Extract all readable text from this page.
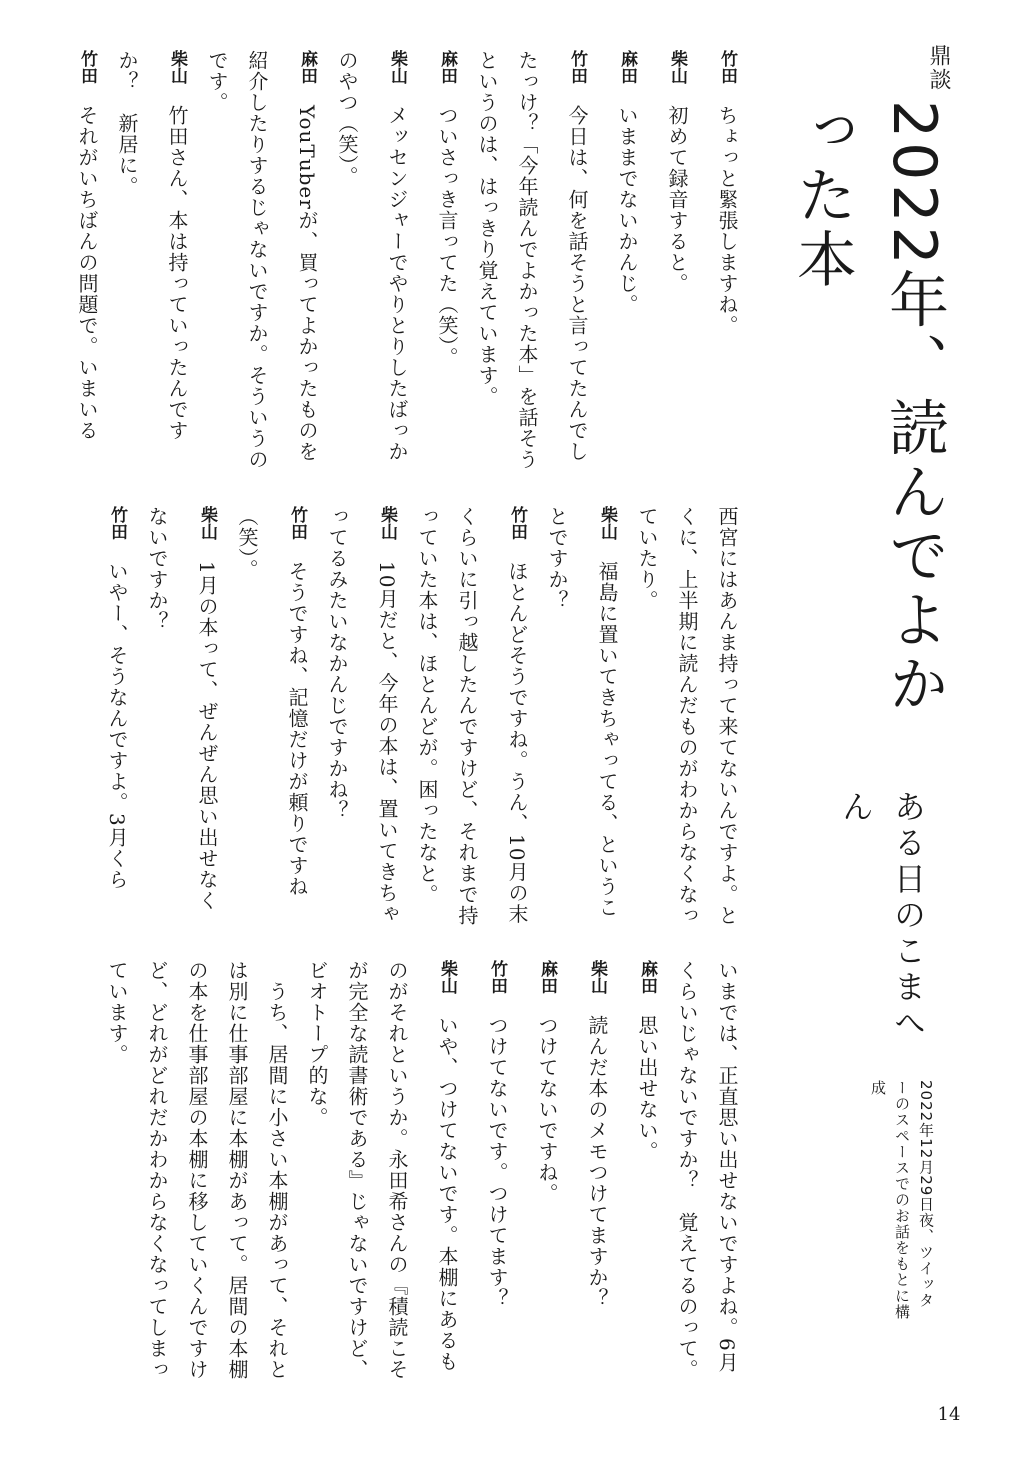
鼎談
2022年、読んでよかった本
ある日のこまへん
2022年12月29日夜、ツイッターのスペースでのお話をもとに構成
14

竹田　ちょっと緊張しますね。

柴山　初めて録音すると。

麻田　いままでないかんじ。

竹田　今日は、何を話そうと言ってたんでしたっけ？「今年読んでよかった本」を話そうというのは、はっきり覚えています。

麻田　ついさっき言ってた（笑）。

柴山　メッセンジャーでやりとりしたばっかのやつ（笑）。

麻田　YouTuberが、買ってよかったものを紹介したりするじゃないですか。そういうのです。

柴山　竹田さん、本は持っていったんですか？　新居に。

竹田　それがいちばんの問題で。いまいる

西宮にはあんま持って来てないんですよ。とくに、上半期に読んだものがわからなくなっていたり。

柴山　福島に置いてきちゃってる、ということですか？

竹田　ほとんどそうですね。うん、10月の末くらいに引っ越したんですけど、それまで持っていた本は、ほとんどが。困ったなと。

柴山　10月だと、今年の本は、置いてきちゃってるみたいなかんじですかね？

竹田　そうですね、記憶だけが頼りですね（笑）。

柴山　1月の本って、ぜんぜん思い出せなくないですか？

竹田　いやー、そうなんですよ。3月くら

いまでは、正直思い出せないですよね。6月くらいじゃないですか？　覚えてるのって。

麻田　思い出せない。

柴山　読んだ本のメモつけてますか？

麻田　つけてないですね。

竹田　つけてないです。つけてます？

柴山　いや、つけてないです。本棚にあるものがそれというか。永田希さんの『積読こそが完全な読書術である』じゃないですけど、ビオトープ的な。

　うち、居間に小さい本棚があって、それとは別に仕事部屋に本棚があって。居間の本棚の本を仕事部屋の本棚に移していくんですけど、どれがどれだかわからなくなってしまっています。
